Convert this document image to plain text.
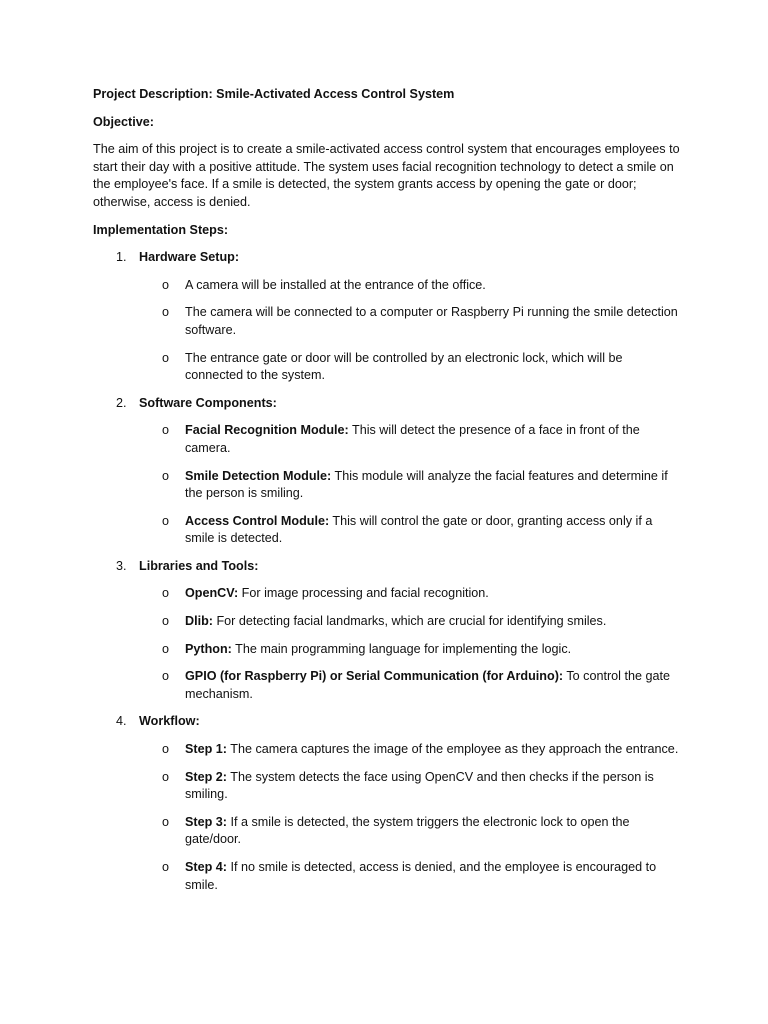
Project Description: Smile-Activated Access Control System

Objective:

The aim of this project is to create a smile-activated access control system that encourages employees to start their day with a positive attitude. The system uses facial recognition technology to detect a smile on the employee's face. If a smile is detected, the system grants access by opening the gate or door; otherwise, access is denied.

Implementation Steps:

1. Hardware Setup:
o A camera will be installed at the entrance of the office.
o The camera will be connected to a computer or Raspberry Pi running the smile detection software.
o The entrance gate or door will be controlled by an electronic lock, which will be connected to the system.
2. Software Components:
o Facial Recognition Module: This will detect the presence of a face in front of the camera.
o Smile Detection Module: This module will analyze the facial features and determine if the person is smiling.
o Access Control Module: This will control the gate or door, granting access only if a smile is detected.
3. Libraries and Tools:
o OpenCV: For image processing and facial recognition.
o Dlib: For detecting facial landmarks, which are crucial for identifying smiles.
o Python: The main programming language for implementing the logic.
o GPIO (for Raspberry Pi) or Serial Communication (for Arduino): To control the gate mechanism.
4. Workflow:
o Step 1: The camera captures the image of the employee as they approach the entrance.
o Step 2: The system detects the face using OpenCV and then checks if the person is smiling.
o Step 3: If a smile is detected, the system triggers the electronic lock to open the gate/door.
o Step 4: If no smile is detected, access is denied, and the employee is encouraged to smile.
